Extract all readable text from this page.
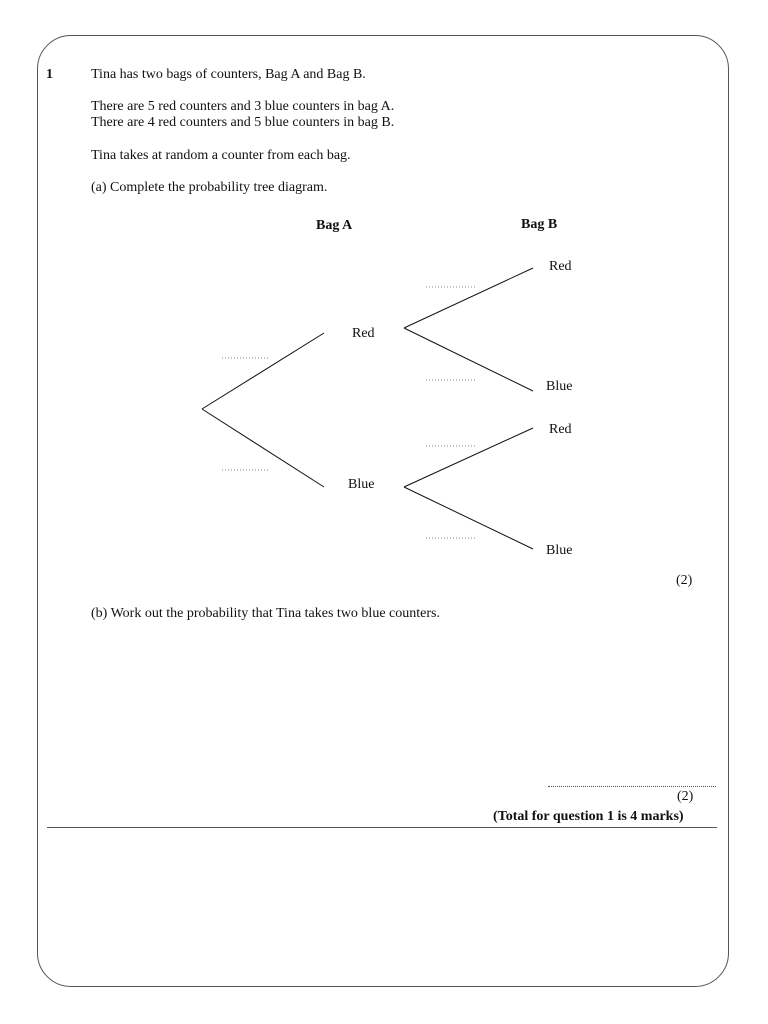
1	Tina has two bags of counters, Bag A and Bag B.
There are 5 red counters and 3 blue counters in bag A.
There are 4 red counters and 5 blue counters in bag B.
Tina takes at random a counter from each bag.
(a) Complete the probability tree diagram.
Bag A	Bag B
Red
Blue
Red
Blue
Red
Blue
(2)
(b) Work out the probability that Tina takes two blue counters.
(2)
(Total for question 1 is 4 marks)
